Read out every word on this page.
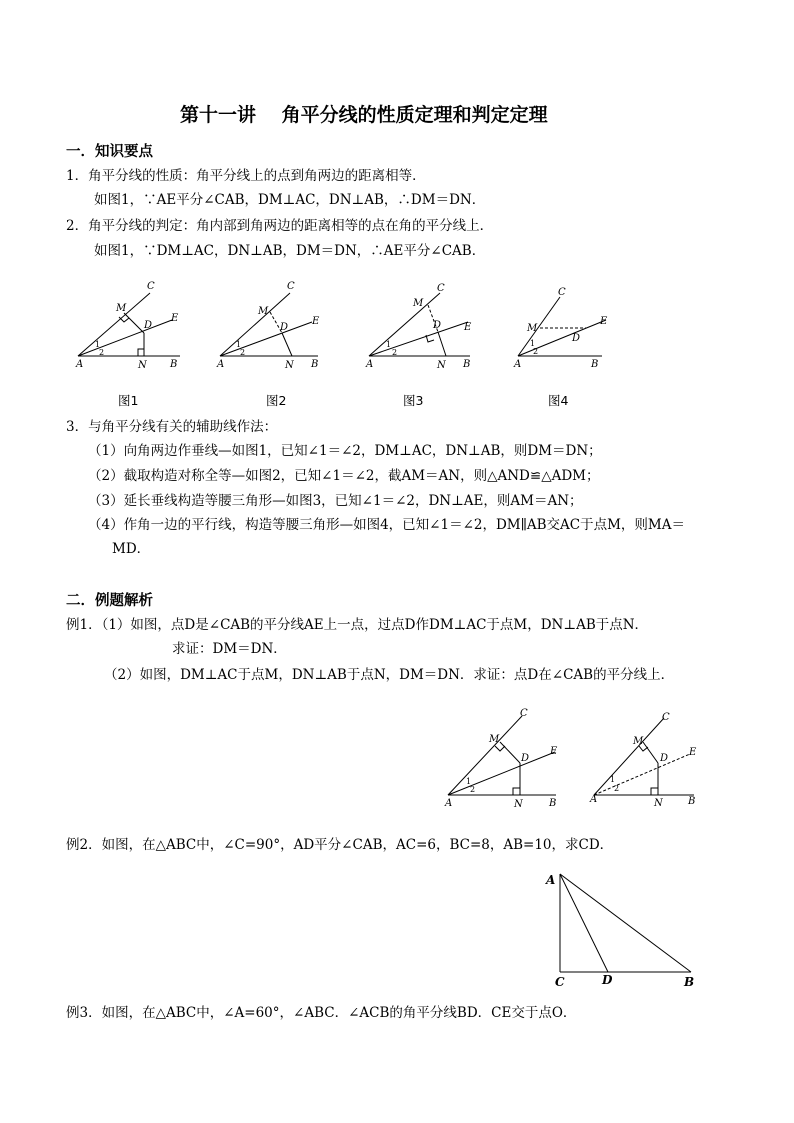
第十一讲　 角平分线的性质定理和判定定理
一．知识要点
1．角平分线的性质：角平分线上的点到角两边的距离相等．
如图1，∵AE平分∠CAB，DM⊥AC，DN⊥AB，∴DM＝DN．
2．角平分线的判定：角内部到角两边的距离相等的点在角的平分线上．
如图1，∵DM⊥AC，DN⊥AB，DM＝DN，∴AE平分∠CAB．
C
M
D
E
A	N B
1
2
C
M
D
E
A	N B
1
2
C
M
D E
A	N B
1
2
C
M
D
E
A	B
1
2
C
M
D
E
A	N	B
1
2
C
M
D
E
A	N	B
1
2
A
C	D	B
图1	图2	图3	图4
3．与角平分线有关的辅助线作法：
（1）向角两边作垂线—如图1，已知∠1＝∠2，DM⊥AC，DN⊥AB，则DM＝DN；
（2）截取构造对称全等—如图2，已知∠1＝∠2，截AM＝AN，则△AND≌△ADM；
（3）延长垂线构造等腰三角形—如图3，已知∠1＝∠2，DN⊥AE，则AM＝AN；
（4）作角一边的平行线，构造等腰三角形—如图4，已知∠1＝∠2，DM∥AB交AC于点M，则MA＝
MD．
二．例题解析
例1．（1）如图，点D是∠CAB的平分线AE上一点，过点D作DM⊥AC于点M，DN⊥AB于点N．
求证：DM＝DN．
（2）如图，DM⊥AC于点M，DN⊥AB于点N，DM＝DN．求证：点D在∠CAB的平分线上．
例2．如图，在△ABC中，∠C=90°，AD平分∠CAB，AC=6，BC=8，AB=10，求CD．
例3．如图，在△ABC中，∠A=60°，∠ABC．∠ACB的角平分线BD．CE交于点O．
